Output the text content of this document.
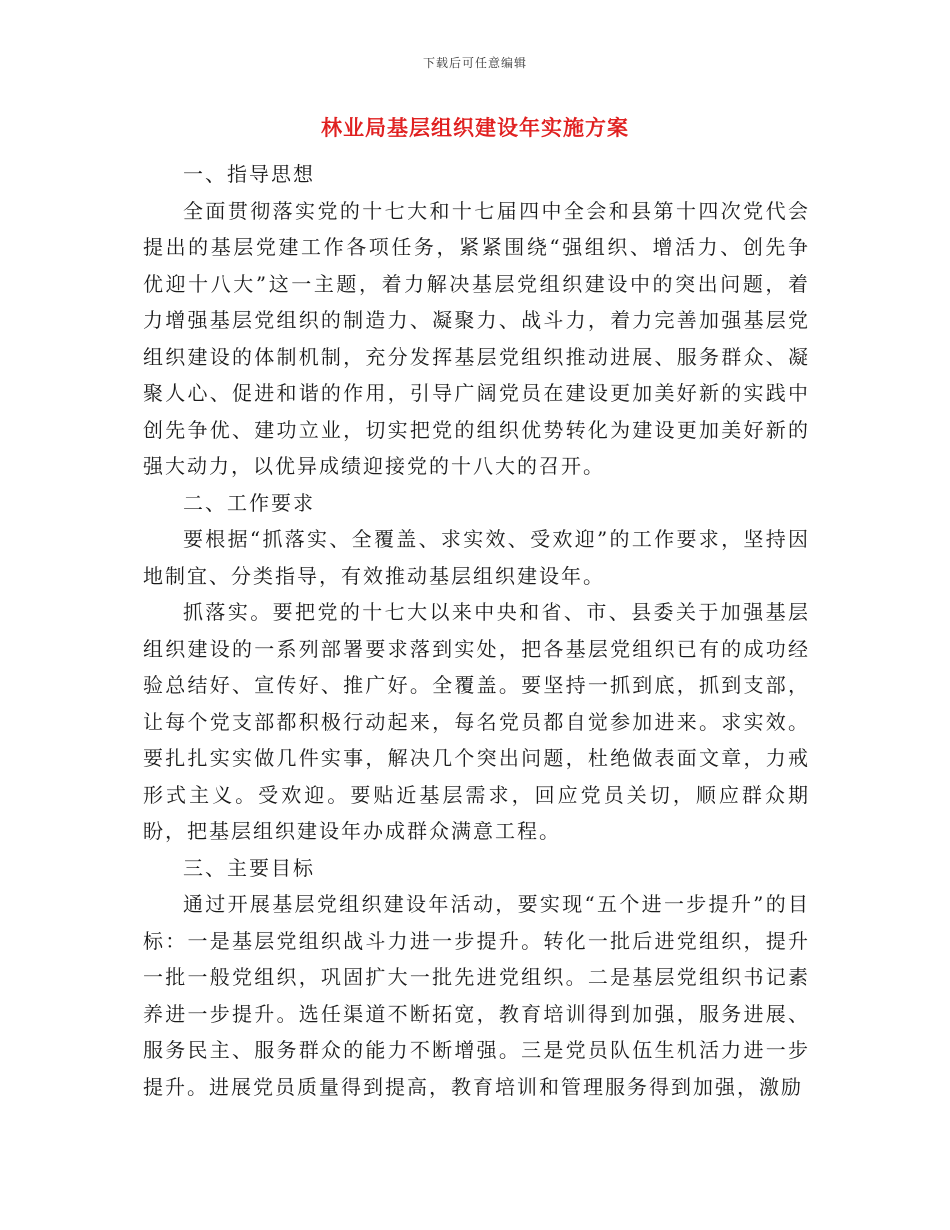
下载后可任意编辑
林业局基层组织建设年实施方案

一、指导思想

全面贯彻落实党的十七大和十七届四中全会和县第十四次党代会提出的基层党建工作各项任务，紧紧围绕“强组织、增活力、创先争优迎十八大”这一主题，着力解决基层党组织建设中的突出问题，着力增强基层党组织的制造力、凝聚力、战斗力，着力完善加强基层党组织建设的体制机制，充分发挥基层党组织推动进展、服务群众、凝聚人心、促进和谐的作用，引导广阔党员在建设更加美好新的实践中创先争优、建功立业，切实把党的组织优势转化为建设更加美好新的强大动力，以优异成绩迎接党的十八大的召开。

二、工作要求

要根据“抓落实、全覆盖、求实效、受欢迎”的工作要求，坚持因地制宜、分类指导，有效推动基层组织建设年。

抓落实。要把党的十七大以来中央和省、市、县委关于加强基层组织建设的一系列部署要求落到实处，把各基层党组织已有的成功经验总结好、宣传好、推广好。全覆盖。要坚持一抓到底，抓到支部，让每个党支部都积极行动起来，每名党员都自觉参加进来。求实效。要扎扎实实做几件实事，解决几个突出问题，杜绝做表面文章，力戒形式主义。受欢迎。要贴近基层需求，回应党员关切，顺应群众期盼，把基层组织建设年办成群众满意工程。

三、主要目标

通过开展基层党组织建设年活动，要实现“五个进一步提升”的目标：一是基层党组织战斗力进一步提升。转化一批后进党组织，提升一批一般党组织，巩固扩大一批先进党组织。二是基层党组织书记素养进一步提升。选任渠道不断拓宽，教育培训得到加强，服务进展、服务民主、服务群众的能力不断增强。三是党员队伍生机活力进一步提升。进展党员质量得到提高，教育培训和管理服务得到加强，激励
